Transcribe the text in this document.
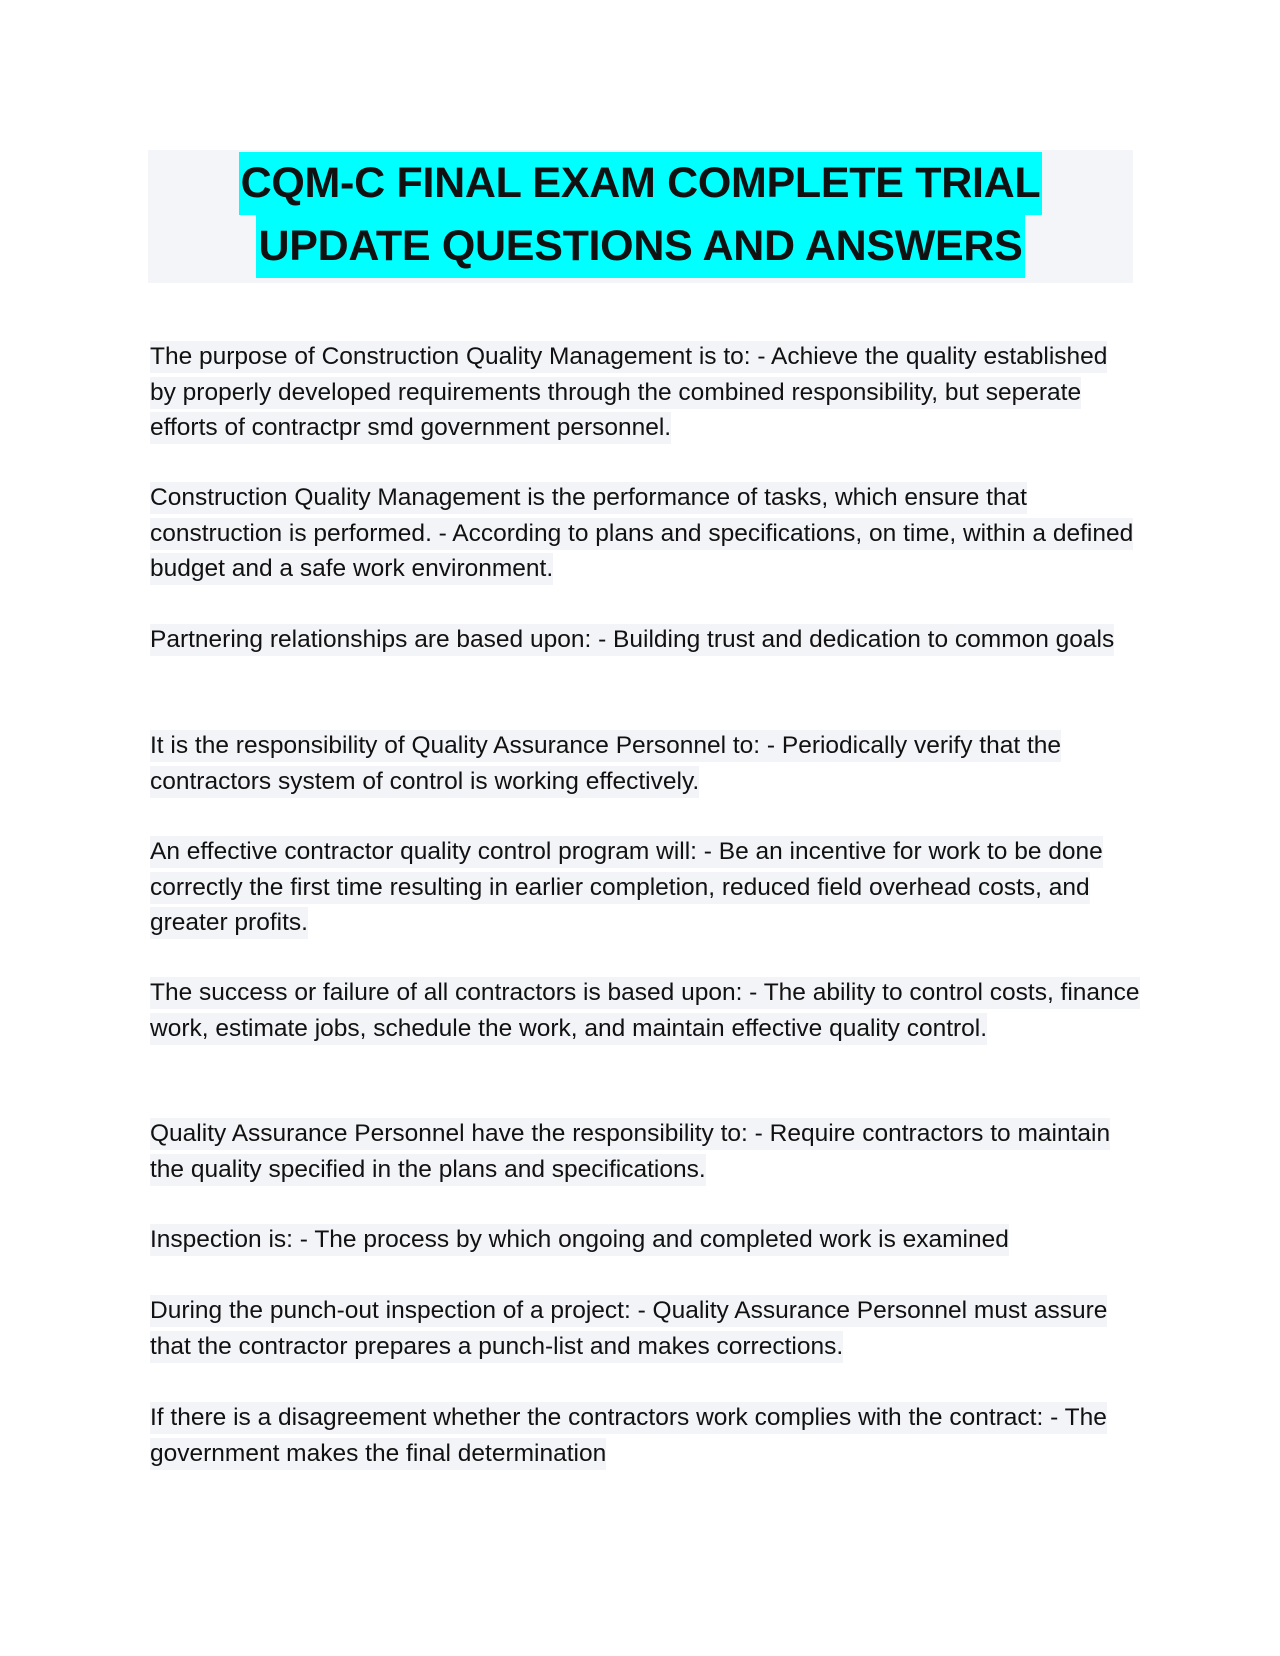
CQM-C FINAL EXAM COMPLETE TRIAL
UPDATE QUESTIONS AND ANSWERS

The purpose of Construction Quality Management is to: - Achieve the quality established by properly developed requirements through the combined responsibility, but seperate efforts of contractpr smd government personnel.

Construction Quality Management is the performance of tasks, which ensure that construction is performed. - According to plans and specifications, on time, within a defined budget and a safe work environment.

Partnering relationships are based upon: - Building trust and dedication to common goals

It is the responsibility of Quality Assurance Personnel to: - Periodically verify that the contractors system of control is working effectively.

An effective contractor quality control program will: - Be an incentive for work to be done correctly the first time resulting in earlier completion, reduced field overhead costs, and greater profits.

The success or failure of all contractors is based upon: - The ability to control costs, finance work, estimate jobs, schedule the work, and maintain effective quality control.

Quality Assurance Personnel have the responsibility to: - Require contractors to maintain the quality specified in the plans and specifications.

Inspection is: - The process by which ongoing and completed work is examined

During the punch-out inspection of a project: - Quality Assurance Personnel must assure that the contractor prepares a punch-list and makes corrections.

If there is a disagreement whether the contractors work complies with the contract: - The government makes the final determination
